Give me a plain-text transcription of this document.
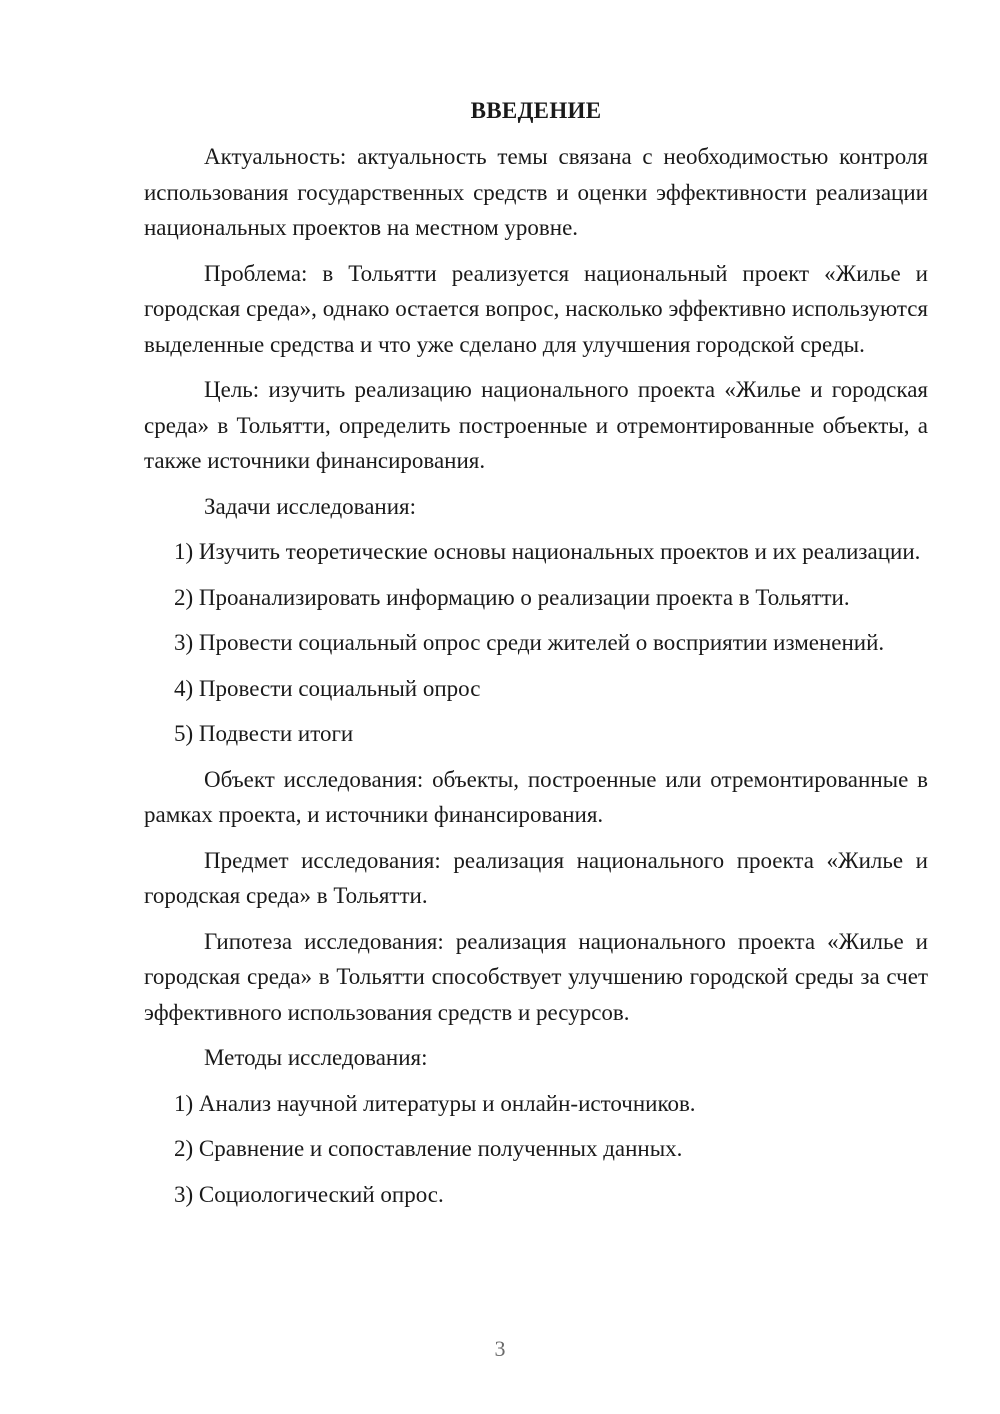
ВВЕДЕНИЕ

Актуальность: актуальность темы связана с необходимостью контроля использования государственных средств и оценки эффективности реализации национальных проектов на местном уровне.

Проблема: в Тольятти реализуется национальный проект «Жилье и городская среда», однако остается вопрос, насколько эффективно используются выделенные средства и что уже сделано для улучшения городской среды.

Цель: изучить реализацию национального проекта «Жилье и городская среда» в Тольятти, определить построенные и отремонтированные объекты, а также источники финансирования.

Задачи исследования:

1) Изучить теоретические основы национальных проектов и их реализации.

2) Проанализировать информацию о реализации проекта в Тольятти.

3) Провести социальный опрос среди жителей о восприятии изменений.

4) Провести социальный опрос

5) Подвести итоги

Объект исследования: объекты, построенные или отремонтированные в рамках проекта, и источники финансирования.

Предмет исследования: реализация национального проекта «Жилье и городская среда» в Тольятти.

Гипотеза исследования: реализация национального проекта «Жилье и городская среда» в Тольятти способствует улучшению городской среды за счет эффективного использования средств и ресурсов.

Методы исследования:

1) Анализ научной литературы и онлайн-источников.

2) Сравнение и сопоставление полученных данных.

3) Социологический опрос.

3
